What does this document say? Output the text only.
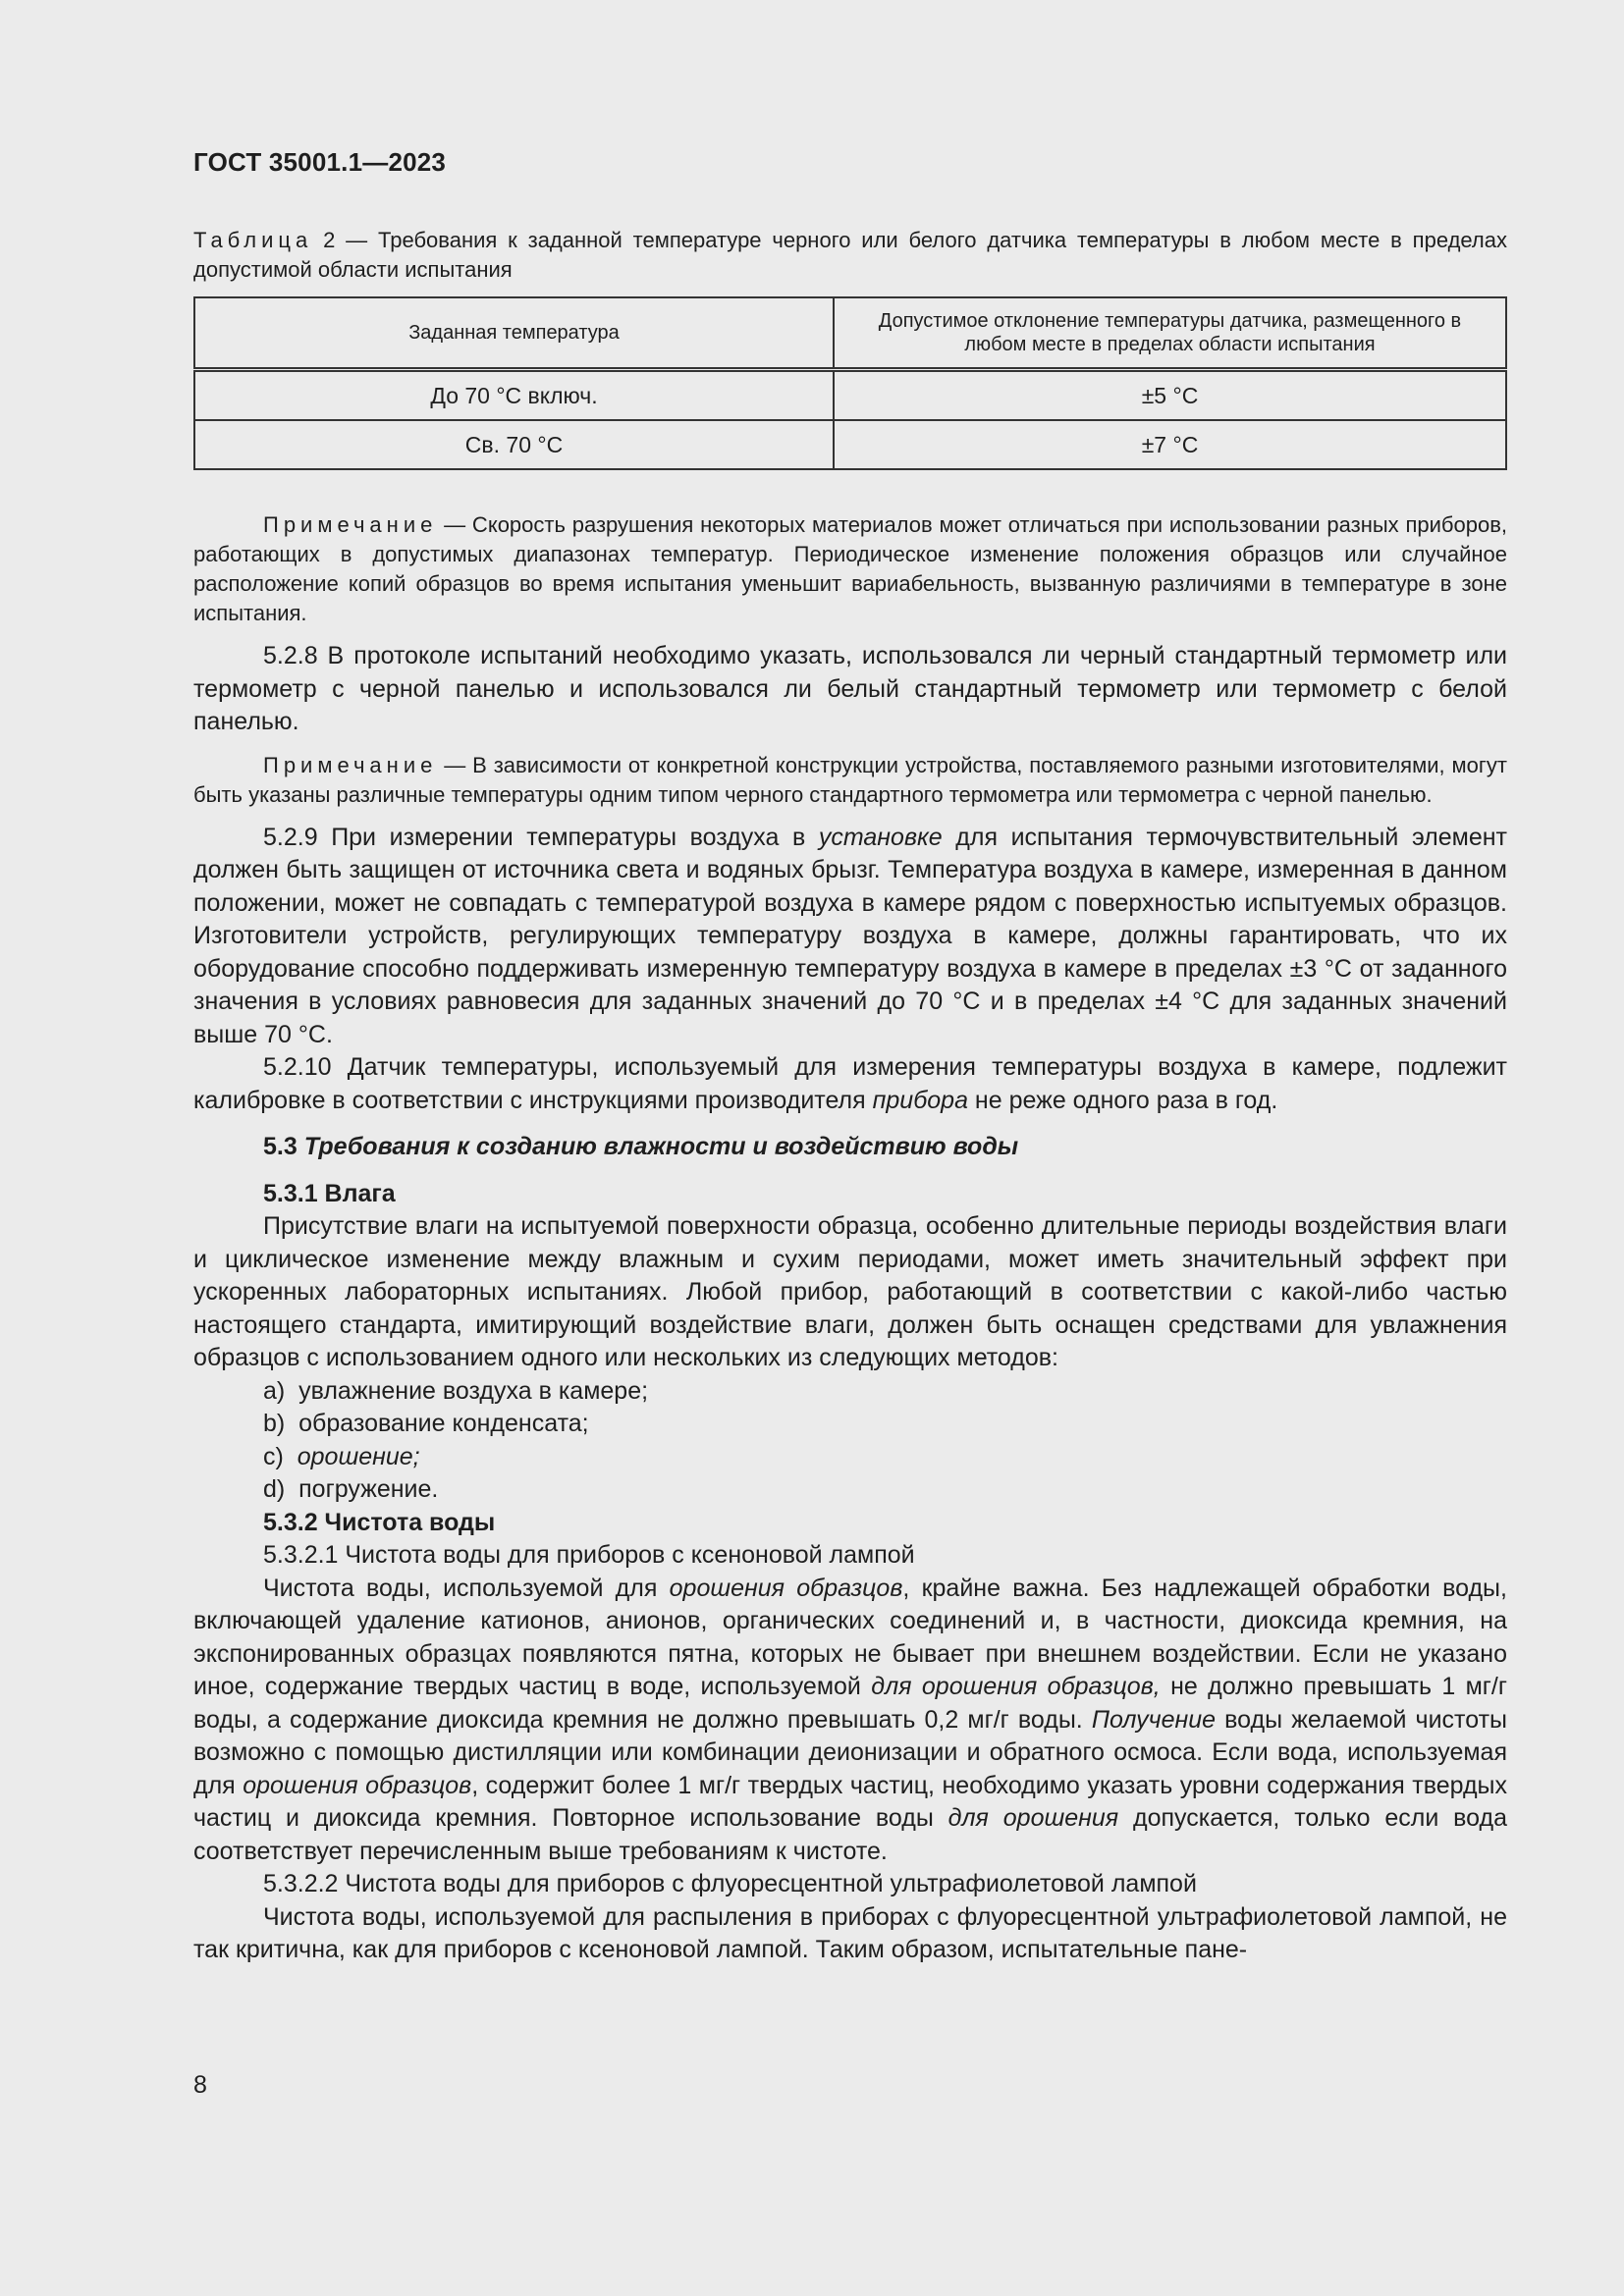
ГОСТ 35001.1—2023
Таблица 2 — Требования к заданной температуре черного или белого датчика температуры в любом месте в пределах допустимой области испытания
Заданная температура	Допустимое отклонение температуры датчика, размещенного в любом месте в пределах области испытания
До 70 °С включ.	±5 °С
Св. 70 °С	±7 °С

Примечание — Скорость разрушения некоторых материалов может отличаться при использовании разных приборов, работающих в допустимых диапазонах температур. Периодическое изменение положения образцов или случайное расположение копий образцов во время испытания уменьшит вариабельность, вызванную различиями в температуре в зоне испытания.

5.2.8 В протоколе испытаний необходимо указать, использовался ли черный стандартный термометр или термометр с черной панелью и использовался ли белый стандартный термометр или термометр с белой панелью.

Примечание — В зависимости от конкретной конструкции устройства, поставляемого разными изготовителями, могут быть указаны различные температуры одним типом черного стандартного термометра или термометра с черной панелью.

5.2.9 При измерении температуры воздуха в установке для испытания термочувствительный элемент должен быть защищен от источника света и водяных брызг. Температура воздуха в камере, измеренная в данном положении, может не совпадать с температурой воздуха в камере рядом с поверхностью испытуемых образцов. Изготовители устройств, регулирующих температуру воздуха в камере, должны гарантировать, что их оборудование способно поддерживать измеренную температуру воздуха в камере в пределах ±3 °С от заданного значения в условиях равновесия для заданных значений до 70 °С и в пределах ±4 °С для заданных значений выше 70 °С.

5.2.10 Датчик температуры, используемый для измерения температуры воздуха в камере, подлежит калибровке в соответствии с инструкциями производителя прибора не реже одного раза в год.

5.3 Требования к созданию влажности и воздействию воды

5.3.1 Влага

Присутствие влаги на испытуемой поверхности образца, особенно длительные периоды воздействия влаги и циклическое изменение между влажным и сухим периодами, может иметь значительный эффект при ускоренных лабораторных испытаниях. Любой прибор, работающий в соответствии с какой-либо частью настоящего стандарта, имитирующий воздействие влаги, должен быть оснащен средствами для увлажнения образцов с использованием одного или нескольких из следующих методов:

a) увлажнение воздуха в камере;

b) образование конденсата;

c) орошение;

d) погружение.

5.3.2 Чистота воды

5.3.2.1 Чистота воды для приборов с ксеноновой лампой

Чистота воды, используемой для орошения образцов, крайне важна. Без надлежащей обработки воды, включающей удаление катионов, анионов, органических соединений и, в частности, диоксида кремния, на экспонированных образцах появляются пятна, которых не бывает при внешнем воздействии. Если не указано иное, содержание твердых частиц в воде, используемой для орошения образцов, не должно превышать 1 мг/г воды, а содержание диоксида кремния не должно превышать 0,2 мг/г воды. Получение воды желаемой чистоты возможно с помощью дистилляции или комбинации деионизации и обратного осмоса. Если вода, используемая для орошения образцов, содержит более 1 мг/г твердых частиц, необходимо указать уровни содержания твердых частиц и диоксида кремния. Повторное использование воды для орошения допускается, только если вода соответствует перечисленным выше требованиям к чистоте.

5.3.2.2 Чистота воды для приборов с флуоресцентной ультрафиолетовой лампой

Чистота воды, используемой для распыления в приборах с флуоресцентной ультрафиолетовой лампой, не так критична, как для приборов с ксеноновой лампой. Таким образом, испытательные пане-

8
